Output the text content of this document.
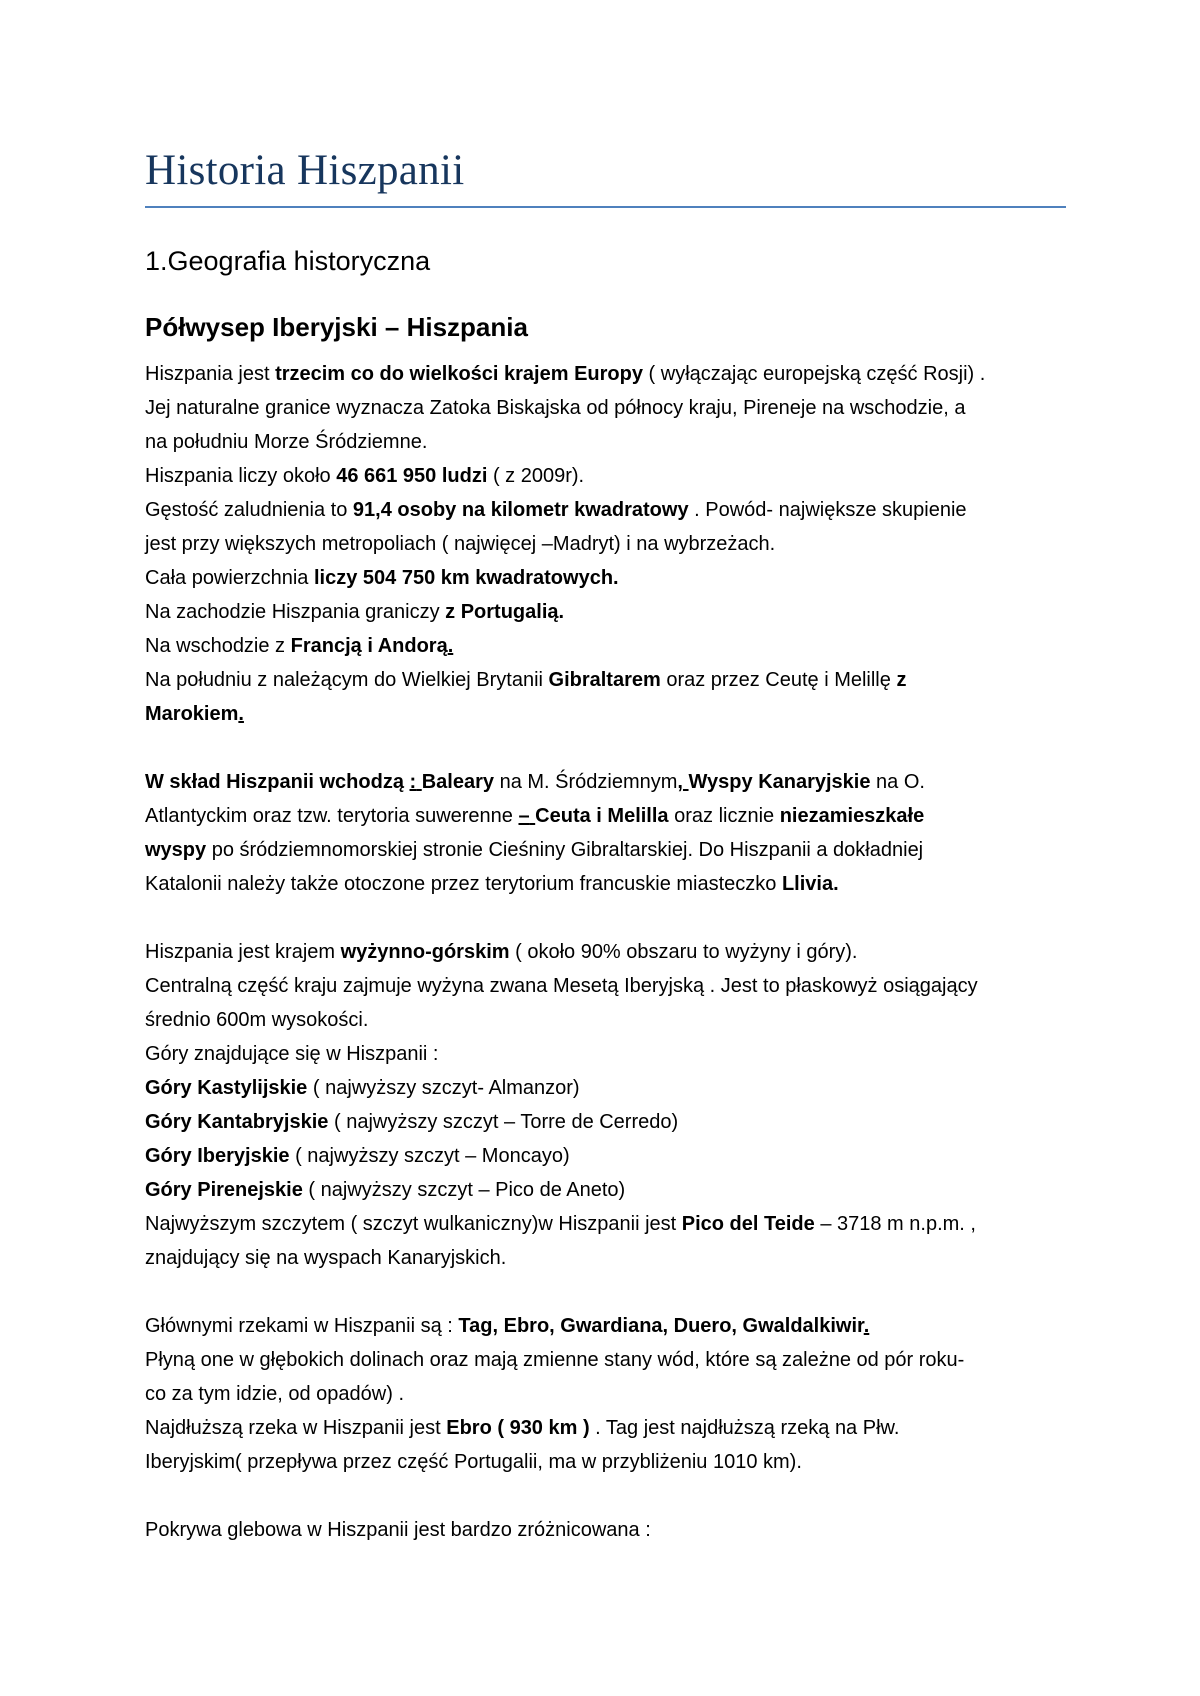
Historia Hiszpanii
1.Geografia historyczna
Półwysep Iberyjski – Hiszpania
Hiszpania jest trzecim co do wielkości krajem Europy ( wyłączając europejską część Rosji) .
Jej naturalne granice wyznacza Zatoka Biskajska od północy kraju, Pireneje na wschodzie, a
na południu Morze Śródziemne.
Hiszpania liczy około 46 661 950 ludzi ( z 2009r).
Gęstość zaludnienia to 91,4 osoby na kilometr kwadratowy . Powód- największe skupienie
jest przy większych metropoliach ( najwięcej –Madryt) i na wybrzeżach.
Cała powierzchnia liczy 504 750 km kwadratowych.
Na zachodzie Hiszpania graniczy z Portugalią.
Na wschodzie z Francją i Andorą.
Na południu z należącym do Wielkiej Brytanii Gibraltarem oraz przez Ceutę i Melillę z
Marokiem.
W skład Hiszpanii wchodzą : Baleary na M. Śródziemnym, Wyspy Kanaryjskie na O.
Atlantyckim oraz tzw. terytoria suwerenne – Ceuta i Melilla oraz licznie niezamieszkałe
wyspy po śródziemnomorskiej stronie Cieśniny Gibraltarskiej. Do Hiszpanii a dokładniej
Katalonii należy także otoczone przez terytorium francuskie miasteczko Llivia.
Hiszpania jest krajem wyżynno-górskim ( około 90% obszaru to wyżyny i góry).
Centralną część kraju zajmuje wyżyna zwana Mesetą Iberyjską . Jest to płaskowyż osiągający
średnio 600m wysokości.
Góry znajdujące się w Hiszpanii :
Góry Kastylijskie ( najwyższy szczyt- Almanzor)
Góry Kantabryjskie ( najwyższy szczyt – Torre de Cerredo)
Góry Iberyjskie ( najwyższy szczyt – Moncayo)
Góry Pirenejskie ( najwyższy szczyt – Pico de Aneto)
Najwyższym szczytem ( szczyt wulkaniczny)w Hiszpanii jest Pico del Teide – 3718 m n.p.m. ,
znajdujący się na wyspach Kanaryjskich.
Głównymi rzekami w Hiszpanii są : Tag, Ebro, Gwardiana, Duero, Gwaldalkiwir.
Płyną one w głębokich dolinach oraz mają zmienne stany wód, które są zależne od pór roku-
co za tym idzie, od opadów) .
Najdłuższą rzeka w Hiszpanii jest Ebro ( 930 km ) . Tag jest najdłuższą rzeką na Płw.
Iberyjskim( przepływa przez część Portugalii, ma w przybliżeniu 1010 km).
Pokrywa glebowa w Hiszpanii jest bardzo zróżnicowana :
